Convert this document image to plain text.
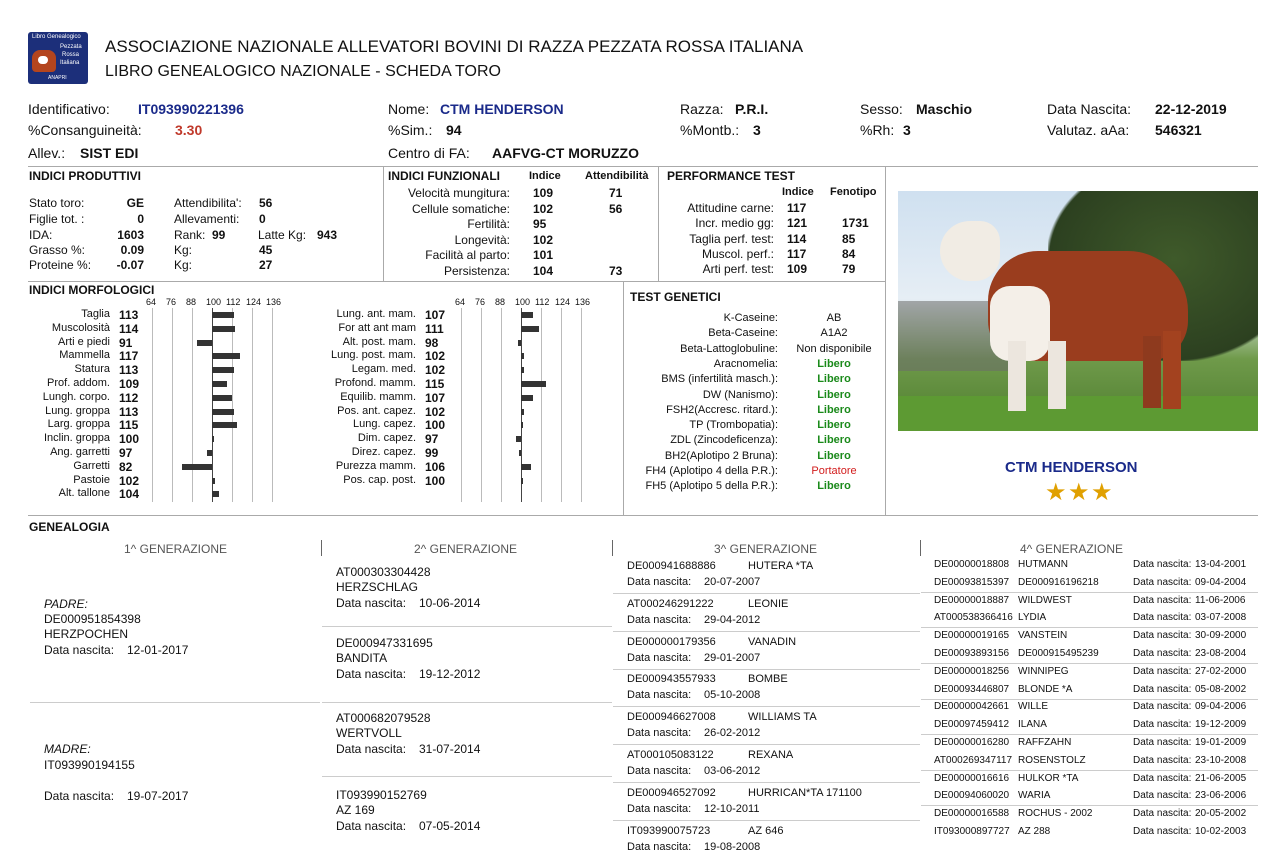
Libro Genealogico
Pezzata
Rossa
Italiana
ANAPRI
ASSOCIAZIONE NAZIONALE ALLEVATORI BOVINI DI RAZZA PEZZATA ROSSA ITALIANA
LIBRO GENEALOGICO NAZIONALE - SCHEDA TORO
Identificativo: IT093990221396
%Consanguineità: 3.30
Allev.: SIST EDI
Nome: CTM HENDERSON
%Sim.: 94
Centro di FA: AAFVG-CT MORUZZO
Razza: P.R.I.
%Montb.: 3
Sesso: Maschio
%Rh: 3
Data Nascita: 22-12-2019
Valutaz. aAa: 546321
INDICI PRODUTTIVI
Stato toro:	GE	Attendibilita': 56
Figlie tot. :	0	Allevamenti: 0
IDA:	1603	Rank: 99	Latte Kg: 943
Grasso %:	0.09	Kg:	45
Proteine %:	-0.07	Kg:	27
INDICI FUNZIONALI	Indice Attendibilità
Velocità mungitura: 109	71
Cellule somatiche: 102	56
Fertilità: 95
Longevità: 102
Facilità al parto: 101
Persistenza: 104	73
PERFORMANCE TEST
Indice Fenotipo
Attitudine carne: 117
Incr. medio gg: 121	1731
Taglia perf. test: 114	85
Muscol. perf.: 117	84
Arti perf. test: 109	79
INDICI MORFOLOGICI
64 76 88 100 112 124 136
Taglia 113
Muscolosità 114
Arti e piedi 91
Mammella 117
Statura 113
Prof. addom. 109
Lungh. corpo. 112
Lung. groppa 113
Larg. groppa 115
Inclin. groppa 100
Ang. garretti 97
Garretti 82
Pastoie 102
Alt. tallone 104
64 76 88 100 112 124 136
Lung. ant. mam. 107
For att ant mam 111
Alt. post. mam. 98
Lung. post. mam. 102
Legam. med. 102
Profond. mamm. 115
Equilib. mamm. 107
Pos. ant. capez. 102
Lung. capez. 100
Dim. capez. 97
Direz. capez. 99
Purezza mamm. 106
Pos. cap. post. 100
TEST GENETICI
K-Caseine:	AB
Beta-Caseine:	A1A2
Beta-Lattoglobuline:	Non disponibile
Aracnomelia:	Libero
BMS (infertilità masch.):	Libero
DW (Nanismo):	Libero
FSH2(Accresc. ritard.):	Libero
TP (Trombopatia):	Libero
ZDL (Zincodeficenza):	Libero
BH2(Aplotipo 2 Bruna):	Libero
FH4 (Aplotipo 4 della P.R.):	Portatore
FH5 (Aplotipo 5 della P.R.):	Libero
CTM HENDERSON
★ ★ ★
GENEALOGIA
1^ GENERAZIONE	2^ GENERAZIONE	3^ GENERAZIONE	4^ GENERAZIONE
PADRE:
DE000951854398
HERZPOCHEN
Data nascita: 12-01-2017
MADRE:
IT093990194155
Data nascita: 19-07-2017
AT000303304428
HERZSCHLAG
Data nascita: 10-06-2014
DE000947331695
BANDITA
Data nascita: 19-12-2012
AT000682079528
WERTVOLL
Data nascita: 31-07-2014
IT093990152769
AZ 169
Data nascita: 07-05-2014
DE000941688886	HUTERA *TA
Data nascita: 20-07-2007
AT000246291222	LEONIE
Data nascita: 29-04-2012
DE000000179356	VANADIN
Data nascita: 29-01-2007
DE000943557933	BOMBE
Data nascita: 05-10-2008
DE000946627008	WILLIAMS TA
Data nascita: 26-02-2012
AT000105083122	REXANA
Data nascita: 03-06-2012
DE000946527092	HURRICAN*TA 171100
Data nascita: 12-10-2011
IT093990075723	AZ 646
Data nascita: 19-08-2008
DE00000018808 HUTMANN	Data nascita: 13-04-2001
DE00093815397 DE000916196218	Data nascita: 09-04-2004
DE00000018887 WILDWEST	Data nascita: 11-06-2006
AT000538366416 LYDIA	Data nascita: 03-07-2008
DE00000019165 VANSTEIN	Data nascita: 30-09-2000
DE00093893156 DE000915495239	Data nascita: 23-08-2004
DE00000018256 WINNIPEG	Data nascita: 27-02-2000
DE00093446807 BLONDE *A	Data nascita: 05-08-2002
DE00000042661 WILLE	Data nascita: 09-04-2006
DE00097459412 ILANA	Data nascita: 19-12-2009
DE00000016280 RAFFZAHN	Data nascita: 19-01-2009
AT000269347117 ROSENSTOLZ	Data nascita: 23-10-2008
DE00000016616 HULKOR *TA	Data nascita: 21-06-2005
DE00094060020 WARIA	Data nascita: 23-06-2006
DE00000016588 ROCHUS - 2002	Data nascita: 20-05-2002
IT093000897727 AZ 288	Data nascita: 10-02-2003
